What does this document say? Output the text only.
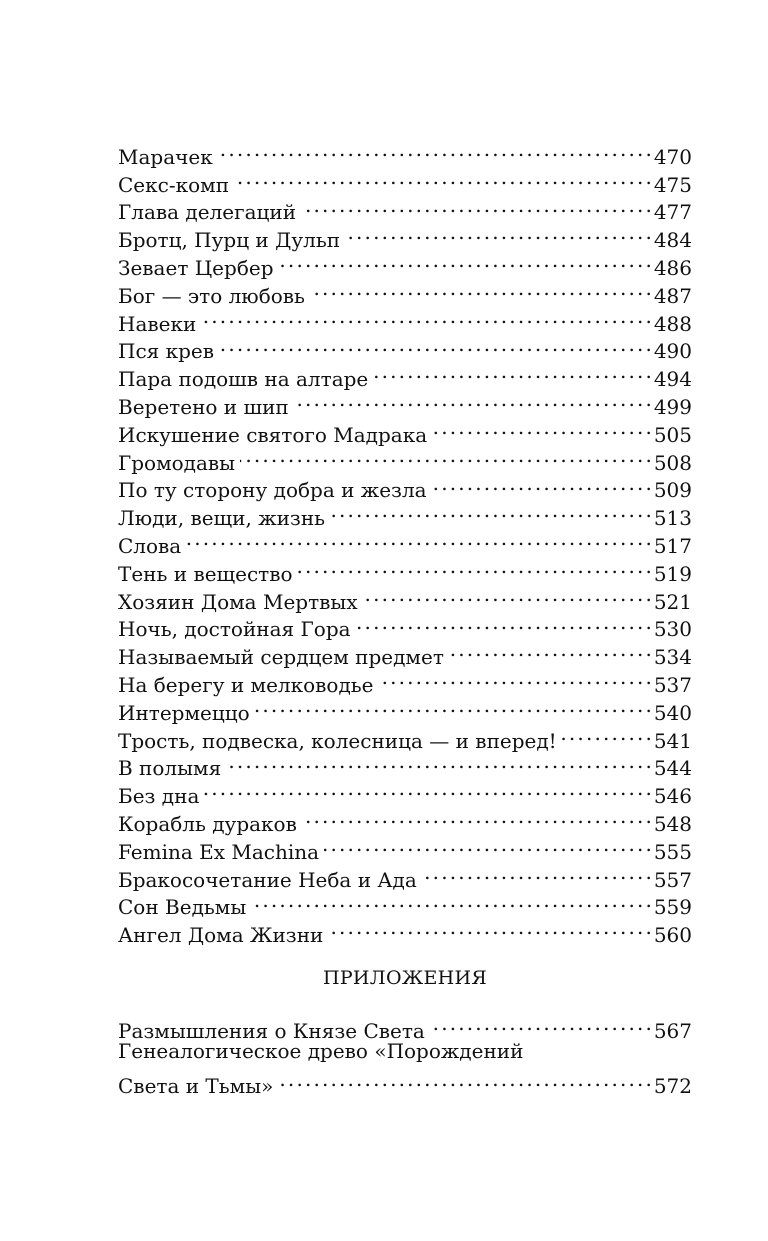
Марачек . . .	470
Секс-комп . . .	475
Глава делегаций . . .	477
Бротц, Пурц и Дульп . . .	484
Зевает Цербер . . .	486
Бог — это любовь . . .	487
Навеки . . .	488
Пся крев . . .	490
Пара подошв на алтаре . . .	494
Веретено и шип . . .	499
Искушение святого Мадрака . . .	505
Громодавы . . .	508
По ту сторону добра и жезла . . .	509
Люди, вещи, жизнь . . .	513
Слова . . .	517
Тень и вещество . . .	519
Хозяин Дома Мертвых . . .	521
Ночь, достойная Гора . . .	530
Называемый сердцем предмет . . .	534
На берегу и мелководье . . .	537
Интермеццо . . .	540
Трость, подвеска, колесница — и вперед! . . .	541
В полымя . . .	544
Без дна . . .	546
Корабль дураков . . .	548
Femina Ex Machina . . .	555
Бракосочетание Неба и Ада . . .	557
Сон Ведьмы . . .	559
Ангел Дома Жизни . . .	560
ПРИЛОЖЕНИЯ
Размышления о Князе Света . . .	567
Генеалогическое древо «Порождений
Света и Тьмы» . . .	572
